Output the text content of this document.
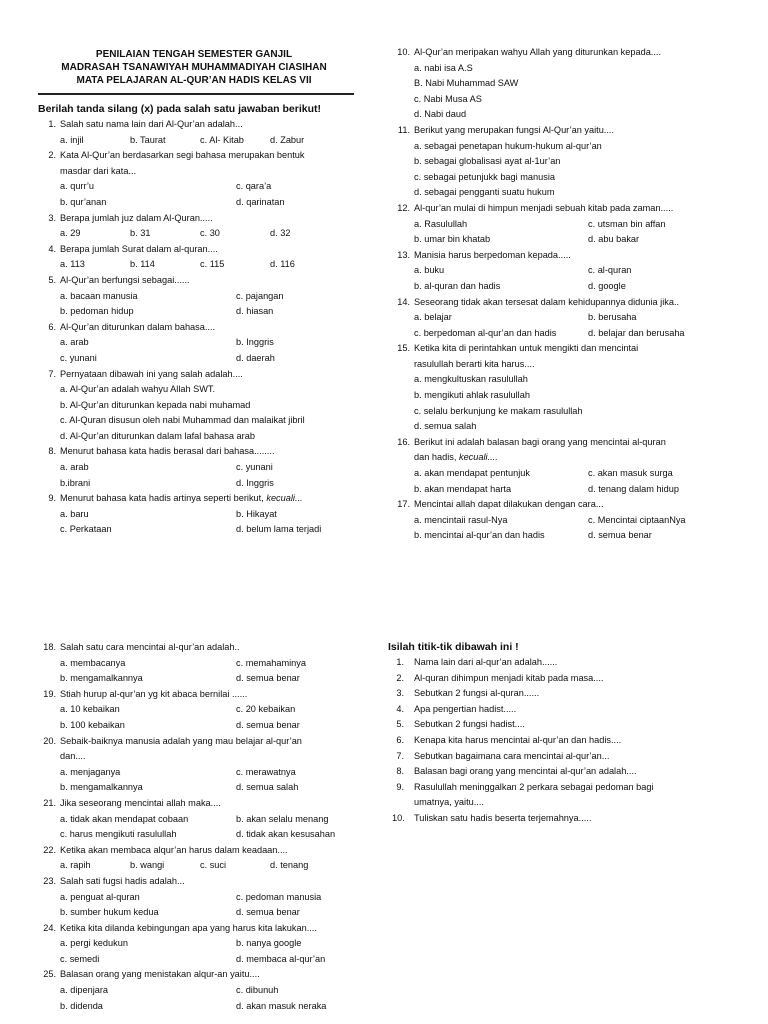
PENILAIAN TENGAH SEMESTER GANJIL
MADRASAH TSANAWIYAH MUHAMMADIYAH CIASIHAN
MATA PELAJARAN AL-QUR’AN HADIS KELAS VII
Berilah tanda silang (x) pada salah satu jawaban berikut!
1. Salah satu nama lain dari Al-Qur’an adalah...
a. injil	b. Taurat	c. Al- Kitab	d. Zabur
2. Kata Al-Qur’an berdasarkan segi bahasa merupakan bentuk
masdar dari kata...
a. qurr’u	c. qara’a
b. qur’anan	d. qarinatan
3. Berapa jumlah juz dalam Al-Quran.....
a. 29	b. 31	c. 30	d. 32
4. Berapa jumlah Surat dalam al-quran....
a. 113	b. 114	c. 115	d. 116
5. Al-Qur’an berfungsi sebagai......
a. bacaan manusia	c. pajangan
b. pedoman hidup	d. hiasan
6. Al-Qur’an diturunkan dalam bahasa....
a. arab	b. Inggris
c. yunani	d. daerah
7. Pernyataan dibawah ini yang salah adalah....
a. Al-Qur’an adalah wahyu Allah SWT.
b. Al-Qur’an diturunkan kepada nabi muhamad
c. Al-Quran disusun oleh nabi Muhammad dan malaikat jibril
d. Al-Qur’an diturunkan dalam lafal bahasa arab
8. Menurut bahasa kata hadis berasal dari bahasa........
a. arab	c. yunani
b.ibrani	d. Inggris
9. Menurut bahasa kata hadis artinya seperti berikut, kecuali...
a. baru	b. Hikayat
c. Perkataan	d. belum lama terjadi
10. Al-Qur’an meripakan wahyu Allah yang diturunkan kepada....
a. nabi isa A.S
B. Nabi Muhammad SAW
c. Nabi Musa AS
d. Nabi daud
11. Berikut yang merupakan fungsi Al-Qur’an yaitu....
a. sebagai penetapan hukum-hukum al-qur’an
b. sebagai globalisasi ayat al-1ur’an
c. sebagai petunjukk bagi manusia
d. sebagai pengganti suatu hukum
12. Al-qur’an mulai di himpun menjadi sebuah kitab pada zaman.....
a. Rasulullah	c. utsman bin affan
b. umar bin khatab	d. abu bakar
13. Manisia harus berpedoman kepada.....
a. buku	c. al-quran
b. al-quran dan hadis	d. google
14. Seseorang tidak akan tersesat dalam kehidupannya didunia jika..
a. belajar	b. berusaha
c. berpedoman al-qur’an dan hadis	d. belajar dan berusaha
15. Ketika kita di perintahkan untuk mengikti dan mencintai
rasulullah berarti kita harus....
a. mengkultuskan rasulullah
b. mengikuti ahlak rasulullah
c. selalu berkunjung ke makam rasulullah
d. semua salah
16. Berikut ini adalah balasan bagi orang yang mencintai al-quran
dan hadis, kecuali....
a. akan mendapat pentunjuk	c. akan masuk surga
b. akan mendapat harta	d. tenang dalam hidup
17. Mencintai allah dapat dilakukan dengan cara...
a. mencintaii rasul-Nya	c. Mencintai ciptaanNya
b. mencintai al-qur’an dan hadis	d. semua benar
18. Salah satu cara mencintai al-qur’an adalah..
a. membacanya	c. memahaminya
b. mengamalkannya	d. semua benar
19. Stiah hurup al-qur’an yg kit abaca bernilai ......
a. 10 kebaikan	c. 20 kebaikan
b. 100 kebaikan	d. semua benar
20. Sebaik-baiknya manusia adalah yang mau belajar al-qur’an
dan....
a. menjaganya	c. merawatnya
b. mengamalkannya	d. semua salah
21. Jika seseorang mencintai allah maka....
a. tidak akan mendapat cobaan	b. akan selalu menang
c. harus mengikuti rasulullah	d. tidak akan kesusahan
22. Ketika akan membaca alqur’an harus dalam keadaan....
a. rapih	b. wangi	c. suci	d. tenang
23. Salah sati fugsi hadis adalah...
a. penguat al-quran	c. pedoman manusia
b. sumber hukum kedua	d. semua benar
24. Ketika kita dilanda kebingungan apa yang harus kita lakukan....
a. pergi kedukun	b. nanya google
c. semedi	d. membaca al-qur’an
25. Balasan orang yang menistakan alqur-an yaitu....
a. dipenjara	c. dibunuh
b. didenda	d. akan masuk neraka
Isilah titik-tik dibawah ini !
1. Nama lain dari al-qur’an adalah......
2. Al-quran dihimpun menjadi kitab pada masa....
3. Sebutkan 2 fungsi al-quran......
4. Apa pengertian hadist.....
5. Sebutkan 2 fungsi hadist....
6. Kenapa kita harus mencintai al-qur’an dan hadis....
7. Sebutkan bagaimana cara mencintai al-qur’an...
8. Balasan bagi orang yang mencintai al-qur’an adalah....
9. Rasulullah meninggalkan 2 perkara sebagai pedoman bagi
umatnya, yaitu....
10. Tuliskan satu hadis beserta terjemahnya.....
